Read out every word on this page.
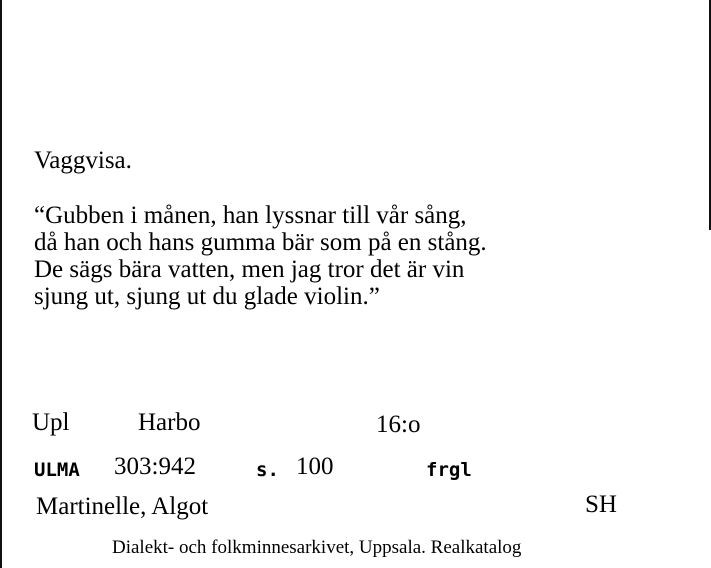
Vaggvisa.
“Gubben i månen, han lyssnar till vår sång,
då han och hans gumma bär som på en stång.
De sägs bära vatten, men jag tror det är vin
sjung ut, sjung ut du glade violin.”
Upl	Harbo	16:o
ULMA 303:942	s. 100	frgl
Martinelle, Algot	SH
Dialekt- och folkminnesarkivet, Uppsala. Realkatalog
